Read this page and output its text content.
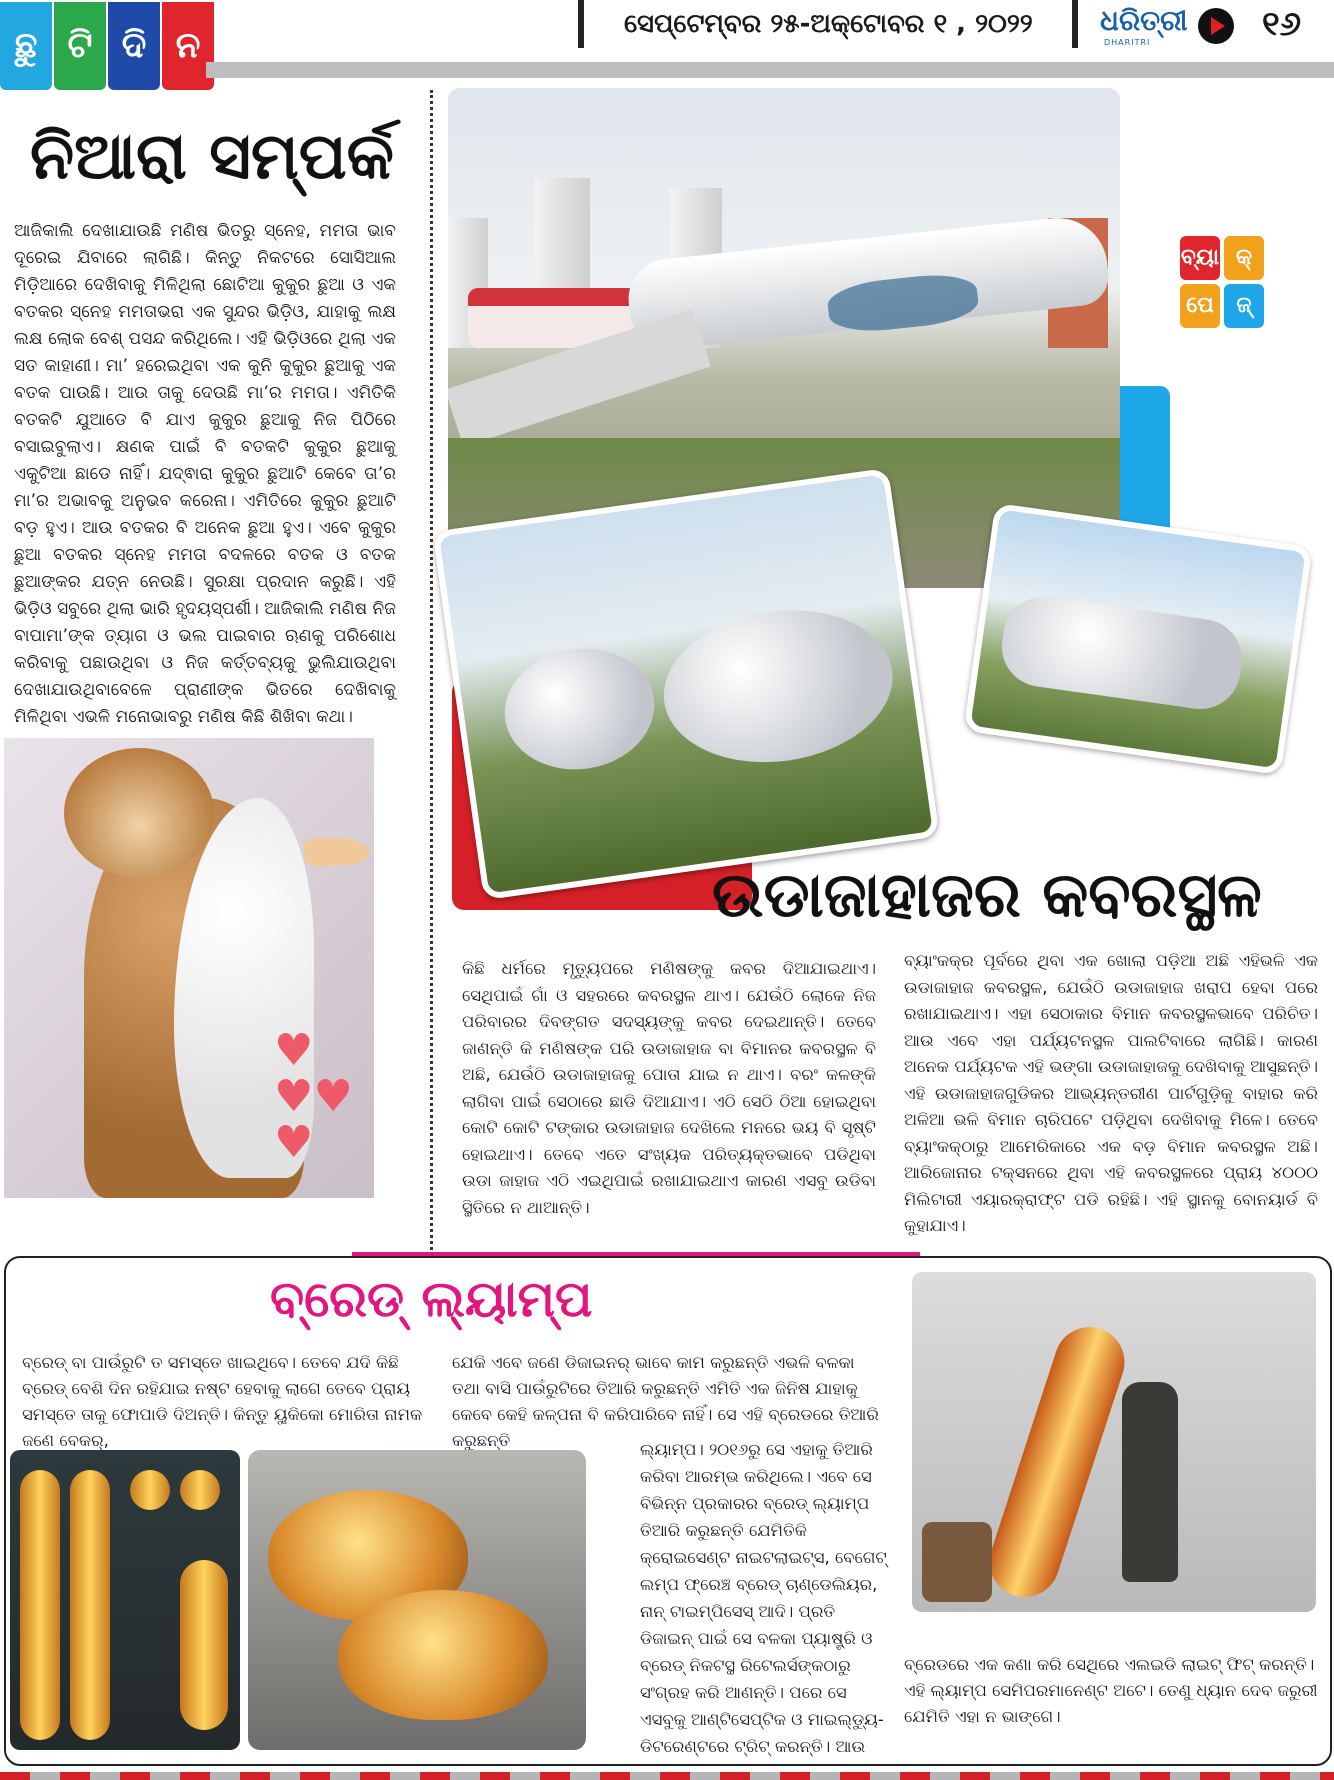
ଛୁ ଟି ଦି ନ
ସେପ୍ଟେମ୍ବର ୨୫-ଅକ୍ଟୋବର ୧ , ୨୦୨୨	ଧରିତ୍ରୀ
DHARITRI	୧୬
ନିଆରା ସମ୍ପର୍କ
ଆଜିକାଲି ଦେଖାଯାଉଛି ମଣିଷ ଭିତରୁ ସ୍ନେହ, ମମତା ଭାବ ଦୂରେଇ ଯିବାରେ ଲାଗିଛି। କିନ୍ତୁ ନିକଟରେ ସୋସିଆଲ ମିଡ଼ିଆରେ ଦେଖିବାକୁ ମିଳିଥିଲା ଛୋଟିଆ କୁକୁର ଛୁଆ ଓ ଏକ ବତକର ସ୍ନେହ ମମତାଭରା ଏକ ସୁନ୍ଦର ଭିଡ଼ିଓ, ଯାହାକୁ ଲକ୍ଷ ଲକ୍ଷ ଲୋକ ବେଶ୍ ପସନ୍ଦ କରିଥିଲେ। ଏହି ଭିଡ଼ିଓରେ ଥିଲା ଏକ ସତ କାହାଣୀ। ମା’ ହରେଇଥିବା ଏକ କୁନି କୁକୁର ଛୁଆକୁ ଏକ ବତକ ପାଉଛି। ଆଉ ତାକୁ ଦେଉଛି ମା’ର ମମତା। ଏମିତିକି ବତକଟି ଯୁଆଡେ ବି ଯାଏ କୁକୁର ଛୁଆକୁ ନିଜ ପିଠିରେ ବସାଇବୁଲାଏ। କ୍ଷଣକ ପାଇଁ ବି ବତକଟି କୁକୁର ଛୁଆକୁ ଏକୁଟିଆ ଛାଡେ ନାହିଁ। ଯଦ୍ଵାରା କୁକୁର ଛୁଆଟି କେବେ ତା’ର ମା’ର ଅଭାବକୁ ଅନୁଭବ କରେନା। ଏମିତିରେ କୁକୁର ଛୁଆଟି ବଡ଼ ହୁଏ। ଆଉ ବତକର ବି ଅନେକ ଛୁଆ ହୁଏ। ଏବେ କୁକୁର ଛୁଆ ବତକର ସ୍ନେହ ମମତା ବଦଳରେ ବତକ ଓ ବତକ ଛୁଆଙ୍କର ଯତ୍ନ ନେଉଛି। ସୁରକ୍ଷା ପ୍ରଦାନ କରୁଛି। ଏହି ଭିଡ଼ିଓ ସବୁରେ ଥିଲା ଭାରି ହୃଦୟସ୍ପର୍ଶୀ। ଆଜିକାଲି ମଣିଷ ନିଜ ବାପାମା’ଙ୍କ ତ୍ୟାଗ ଓ ଭଲ ପାଇବାର ଋଣକୁ ପରିଶୋଧ କରିବାକୁ ପଛାଉଥିବା ଓ ନିଜ କର୍ତ୍ତବ୍ୟକୁ ଭୁଲିଯାଉଥିବା ଦେଖାଯାଉଥିବାବେଳେ ପ୍ରାଣୀଙ୍କ ଭିତରେ ଦେଖିବାକୁ ମିଳିଥିବା ଏଭଳି ମନୋଭାବରୁ ମଣିଷ କିଛି ଶିଖିବା କଥା।
♥
♥♥
♥
ବ୍ୟା କ୍
ପେ	ଜ୍
ଉଡାଜାହାଜର କବରସ୍ଥଳ
କିଛି ଧର୍ମରେ ମୃତ୍ୟୁପରେ ମଣିଷଙ୍କୁ କବର ଦିଆଯାଇଥାଏ। ସେଥିପାଇଁ ଗାଁ ଓ ସହରରେ କବରସ୍ଥଳ ଥାଏ। ଯେଉଁଠି ଲୋକେ ନିଜ ପରିବାରର ଦିବଙ୍ଗତ ସଦସ୍ୟଙ୍କୁ କବର ଦେଇଥାନ୍ତି। ତେବେ ଜାଣନ୍ତି କି ମଣିଷଙ୍କ ପରି ଉଡାଜାହାଜ ବା ବିମାନର କବରସ୍ଥଳ ବି ଅଛି, ଯେଉଁଠି ଉଡାଜାହାଜକୁ ପୋତା ଯାଇ ନ ଥାଏ। ବରଂ କଳଙ୍କି ଲାଗିବା ପାଇଁ ସେଠାରେ ଛାଡି ଦିଆଯାଏ। ଏଠି ସେଠି ଠିଆ ହୋଇଥିବା କୋଟି କୋଟି ଟଙ୍କାର ଉଡାଜାହାଜ ଦେଖିଲେ ମନରେ ଭୟ ବି ସୃଷ୍ଟି ହୋଇଥାଏ। ତେବେ ଏତେ ସଂଖ୍ୟକ ପରିତ୍ୟକ୍ତଭାବେ ପଡିଥିବା ଉଡା ଜାହାଜ ଏଠି ଏଇଥିପାଇଁ ରଖାଯାଇଥାଏ କାରଣ ଏସବୁ ଉଡିବା ସ୍ଥିତିରେ ନ ଥାଆନ୍ତି।
ବ୍ୟାଂକକ୍‌ର ପୂର୍ବରେ ଥିବା ଏକ ଖୋଲା ପଡ଼ିଆ ଅଛି ଏହିଭଳି ଏକ ଉଡାଜାହାଜ କବରସ୍ଥଳ, ଯେଉଁଠି ଉଡାଜାହାଜ ଖରାପ ହେବା ପରେ ରଖାଯାଇଥାଏ। ଏହା ସେଠାକାର ବିମାନ କବରସ୍ଥଳଭାବେ ପରିଚିତ। ଆଉ ଏବେ ଏହା ପର୍ଯ୍ୟଟନସ୍ଥଳ ପାଲଟିବାରେ ଲାଗିଛି। କାରଣ ଅନେକ ପର୍ଯ୍ୟଟକ ଏହି ଭଙ୍ଗା ଉଡାଜାହାଜକୁ ଦେଖିବାକୁ ଆସୁଛନ୍ତି। ଏହି ଉଡାଜାହାଜଗୁଡିକର ଆଭ୍ୟନ୍ତରୀଣ ପାର୍ଟଗୁଡ଼ିକୁ ବାହାର କରି ଅଳିଆ ଭଳି ବିମାନ ଚାରିପଟେ ପଡ଼ିଥିବା ଦେଖିବାକୁ ମିଳେ। ତେବେ ବ୍ୟାଂକକ୍‌ଠାରୁ ଆମେରିକାରେ ଏକ ବଡ଼ ବିମାନ କବରସ୍ଥଳ ଅଛି। ଆରିଜୋନାର ଟକ୍‌ସନରେ ଥିବା ଏହି କବରସ୍ଥଳରେ ପ୍ରାୟ ୪୦୦୦ ମିଲିଟାରୀ ଏୟାରକ୍ରାଫ୍ଟ ପଡି ରହିଛି। ଏହି ସ୍ଥାନକୁ ବୋନୟାର୍ଡ ବି କୁହାଯାଏ।
ବ୍ରେଡ୍ ଲ୍ୟାମ୍ପ
ବ୍ରେଡ୍ ବା ପାଉଁରୁଟି ତ ସମସ୍ତେ ଖାଇଥିବେ। ତେବେ ଯଦି କିଛି ବ୍ରେଡ୍ ବେଶି ଦିନ ରହିଯାଇ ନଷ୍ଟ ହେବାକୁ ଲାଗେ ତେବେ ପ୍ରାୟ ସମସ୍ତେ ତାକୁ ଫୋପାଡି ଦିଅନ୍ତି। କିନ୍ତୁ ୟୁକିକୋ ମୋରିତା ନାମକ ଜଣେ ବେକର୍,
ଯେକି ଏବେ ଜଣେ ଡିଜାଇନର୍ ଭାବେ କାମ କରୁଛନ୍ତି ଏଭଳି ବଳକା ତଥା ବାସି ପାଉଁରୁଟିରେ ତିଆରି କରୁଛନ୍ତି ଏମିତି ଏକ ଜିନିଷ ଯାହାକୁ କେବେ କେହି କଳ୍ପନା ବି କରିପାରିବେ ନାହିଁ। ସେ ଏହି ବ୍ରେଡରେ ତିଆରି କରୁଛନ୍ତି	ଲ୍ୟାମ୍ପ। ୨୦୧୬ରୁ ସେ ଏହାକୁ ତିଆରି କରିବା ଆରମ୍ଭ କରିଥିଲେ। ଏବେ ସେ ବିଭିନ୍ନ ପ୍ରକାରର ବ୍ରେଡ୍ ଲ୍ୟାମ୍ପ ତିଆରି କରୁଛନ୍ତି ଯେମିତିକି କ୍ରୋଇସେଣ୍ଟ ନାଇଟଲାଇଟ୍‌ସ, ବେଗେଟ୍ ଲମ୍ପ ଫ୍ରେଞ୍ଚ ବ୍ରେଡ୍ ଚାଣ୍ଡେଲିୟର, ନାନ୍ ଟାଇମ୍‌ପିସେସ୍ ଆଦି। ପ୍ରତି ଡିଜାଇନ୍ ପାଇଁ ସେ ବଳକା ପ୍ୟାଷ୍ଟ୍ରି ଓ ବ୍ରେଡ୍ ନିକଟସ୍ଥ ରିଟେଲର୍ସଙ୍କଠାରୁ ସଂଗ୍ରହ କରି ଆଣନ୍ତି। ପରେ ସେ ଏସବୁକୁ ଆଣ୍ଟିସେପ୍ଟିକ ଓ ମାଇଲ୍ଡ୍ୟୁ-ଡିଟରେଣ୍ଟରେ ଟ୍ରିଟ୍ କରନ୍ତି। ଆଉ
ବ୍ରେଡରେ ଏକ କଣା କରି ସେଥିରେ ଏଲଇଡି ଲାଇଟ୍ ଫିଟ୍ କରନ୍ତି। ଏହି ଲ୍ୟାମ୍ପ ସେମିପରମାନେଣ୍ଟ ଅଟେ। ତେଣୁ ଧ୍ୟାନ ଦେବ ଜରୁରୀ ଯେମିତି ଏହା ନ ଭାଙ୍ଗେ।
